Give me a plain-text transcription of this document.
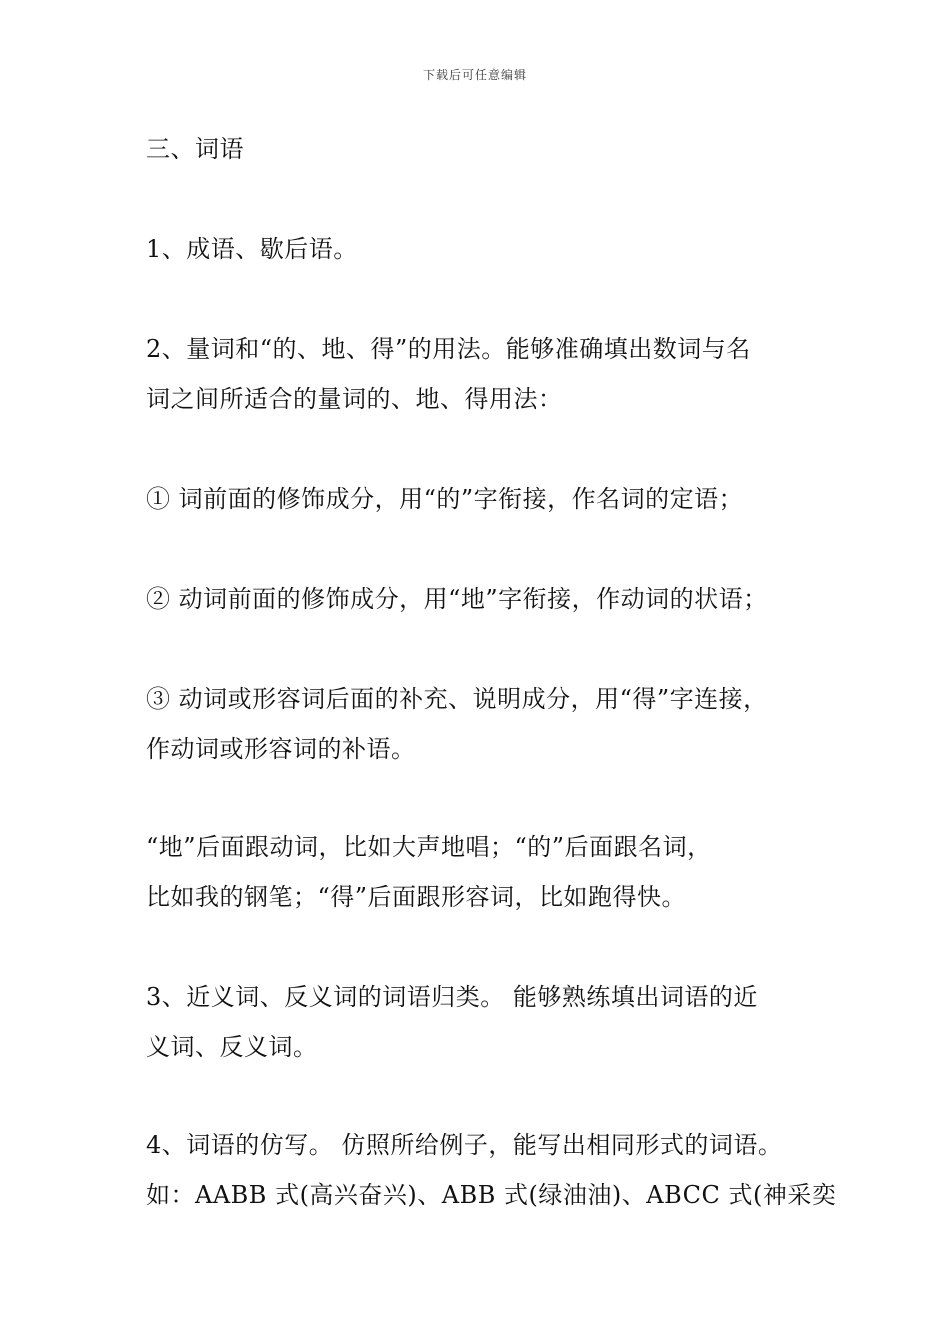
下载后可任意编辑
三、词语
1、成语、歇后语。
2、量词和“的、地、得”的用法。能够准确填出数词与名
词之间所适合的量词的、地、得用法：
① 词前面的修饰成分，用“的”字衔接，作名词的定语；
② 动词前面的修饰成分，用“地”字衔接，作动词的状语；
③ 动词或形容词后面的补充、说明成分，用“得”字连接，
作动词或形容词的补语。
“地”后面跟动词，比如大声地唱；“的”后面跟名词，
比如我的钢笔；“得”后面跟形容词，比如跑得快。
3、近义词、反义词的词语归类。 能够熟练填出词语的近
义词、反义词。
4、词语的仿写。 仿照所给例子，能写出相同形式的词语。
如：AABB 式(高兴奋兴)、ABB 式(绿油油)、ABCC 式(神采奕
